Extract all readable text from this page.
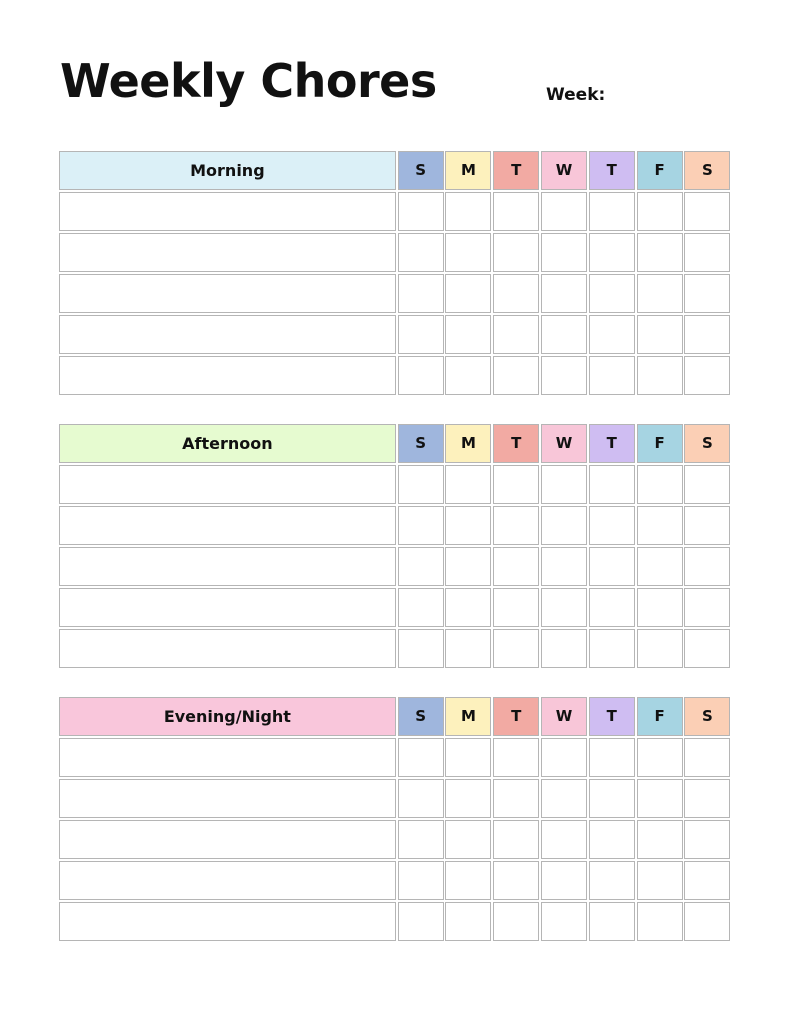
Weekly Chores	Week:
Morning	S	M	T	W	T	F	S
Afternoon	S	M	T	W	T	F	S
Evening/Night	S	M	T	W	T	F	S
